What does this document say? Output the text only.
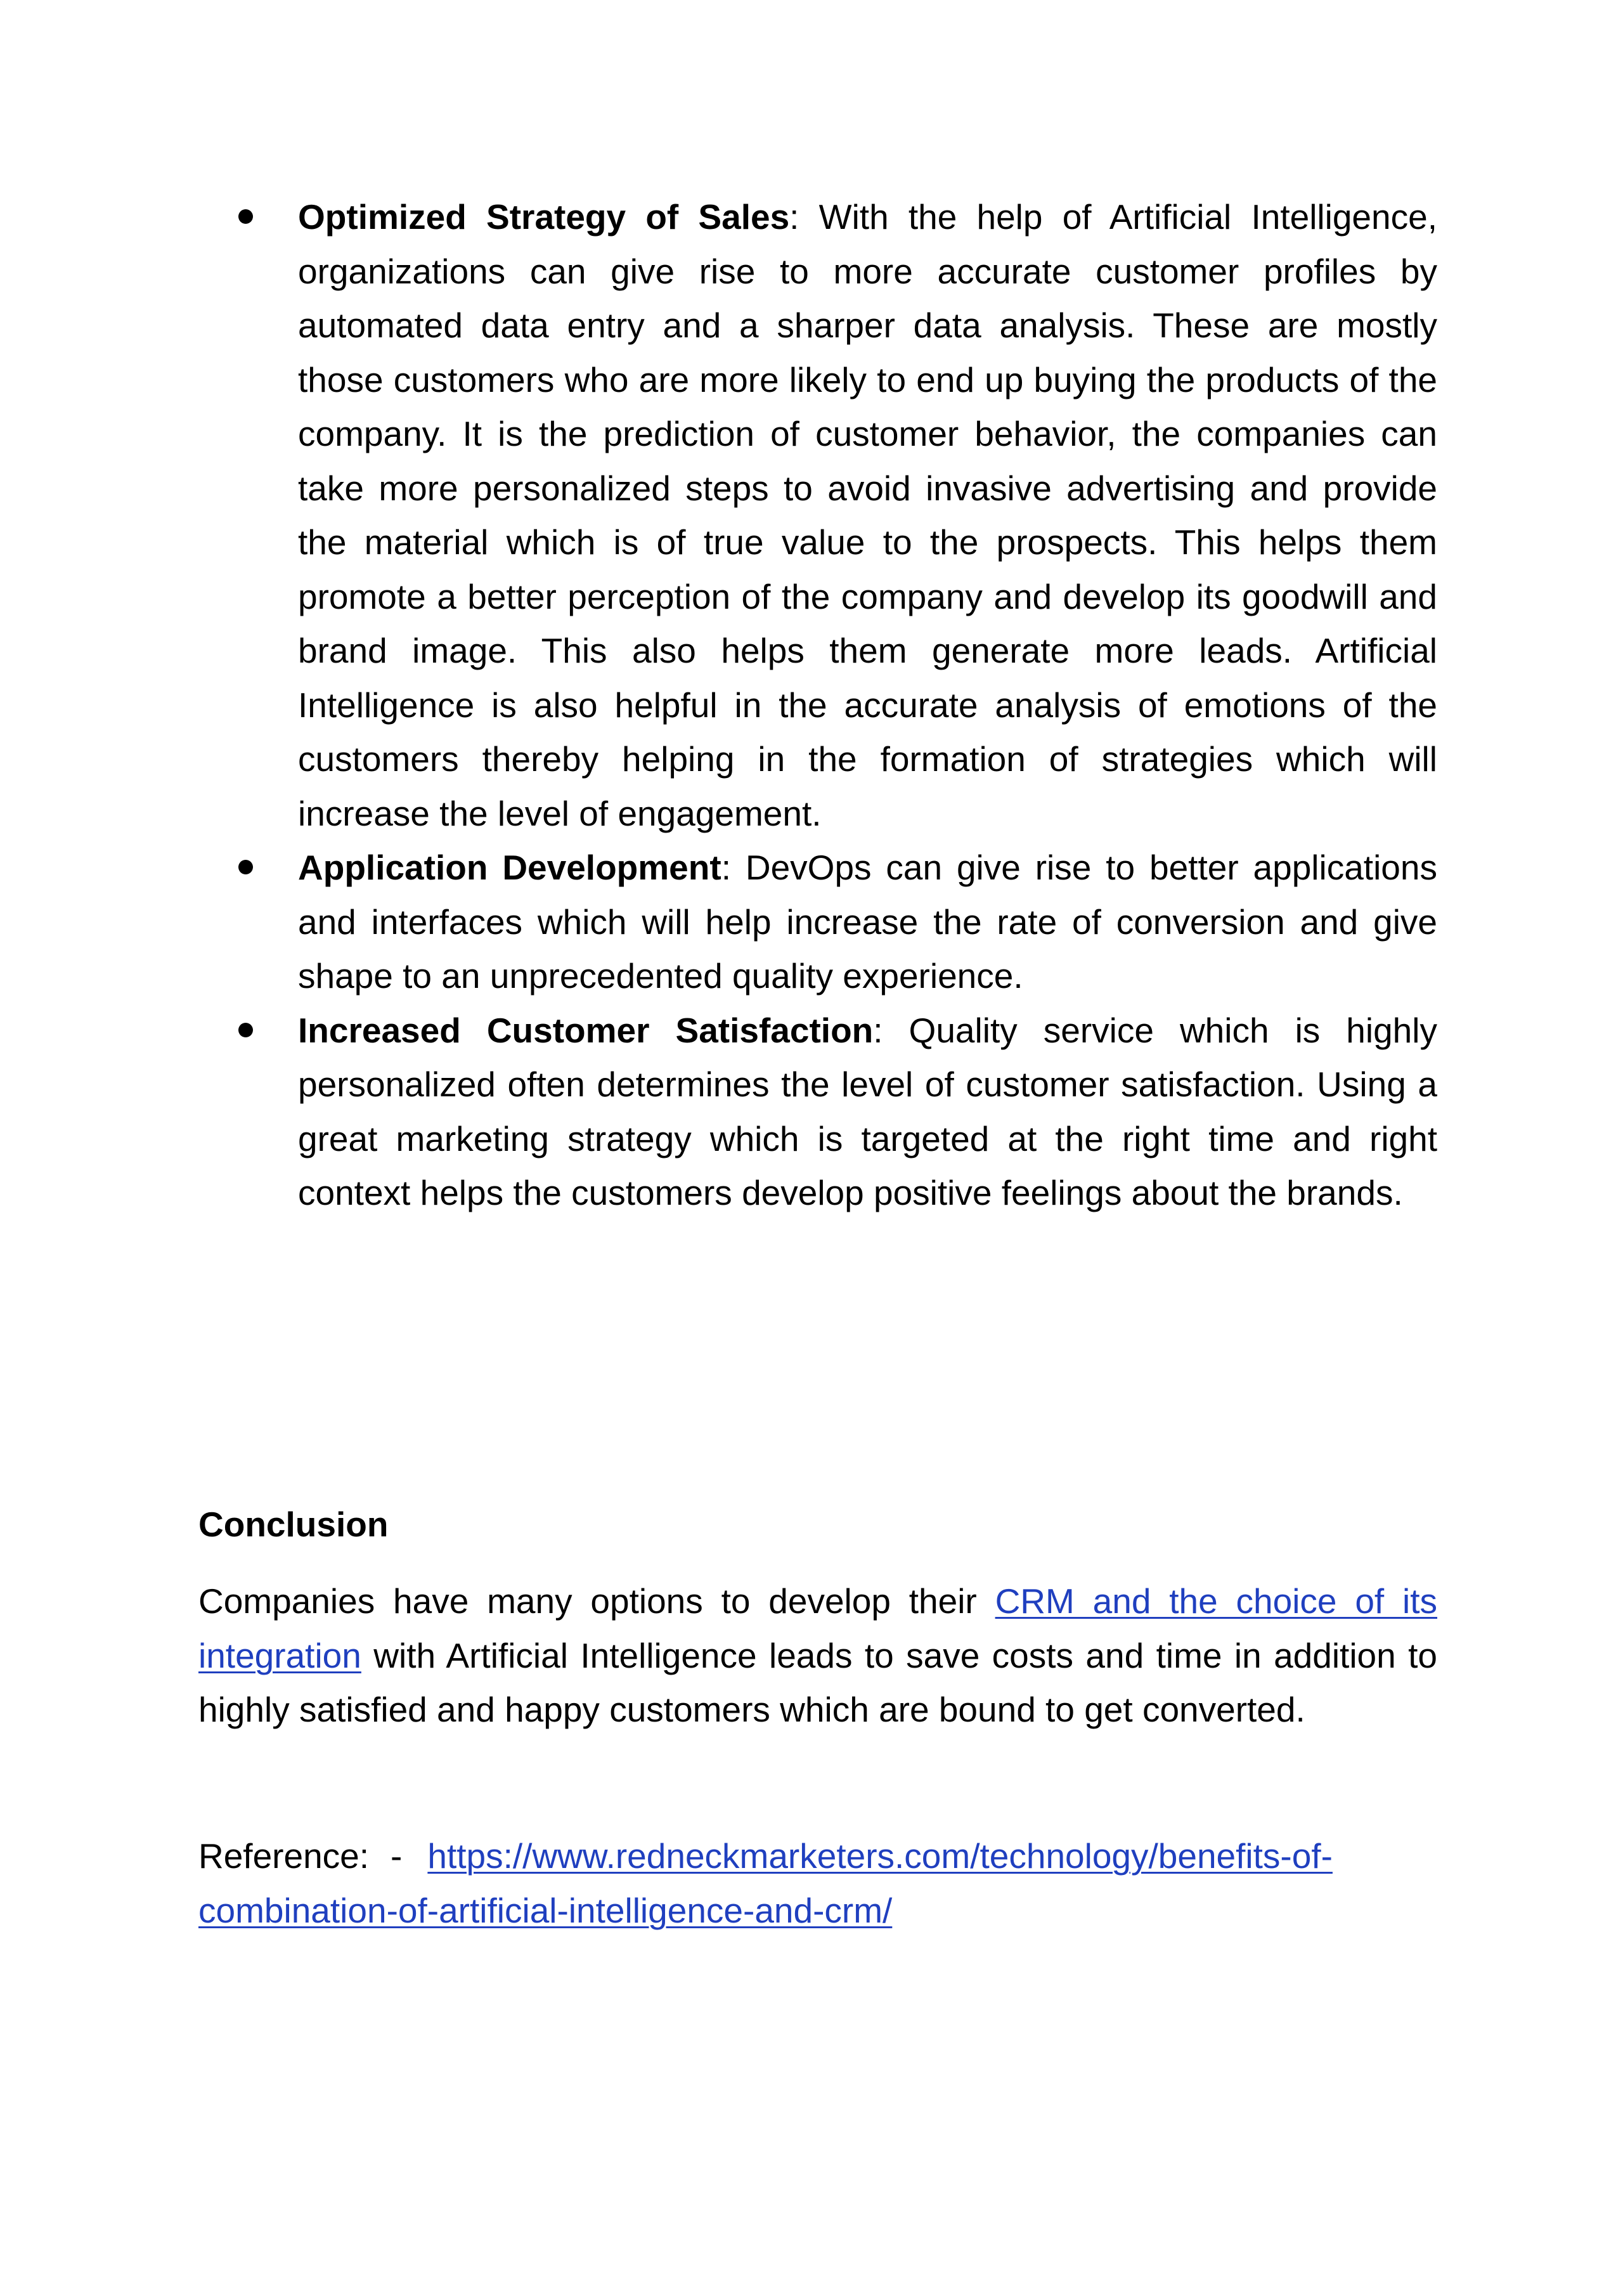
Optimized Strategy of Sales: With the help of Artificial Intelligence, organizations can give rise to more accurate customer profiles by automated data entry and a sharper data analysis. These are mostly those customers who are more likely to end up buying the products of the company. It is the prediction of customer behavior, the companies can take more personalized steps to avoid invasive advertising and provide the material which is of true value to the prospects. This helps them promote a better perception of the company and develop its goodwill and brand image. This also helps them generate more leads. Artificial Intelligence is also helpful in the accurate analysis of emotions of the customers thereby helping in the formation of strategies which will increase the level of engagement.
Application Development: DevOps can give rise to better applications and interfaces which will help increase the rate of conversion and give shape to an unprecedented quality experience.
Increased Customer Satisfaction: Quality service which is highly personalized often determines the level of customer satisfaction. Using a great marketing strategy which is targeted at the right time and right context helps the customers develop positive feelings about the brands.
Conclusion

Companies have many options to develop their CRM and the choice of its integration with Artificial Intelligence leads to save costs and time in addition to highly satisfied and happy customers which are bound to get converted.

Reference: - https://www.redneckmarketers.com/technology/benefits-of-combination-of-artificial-intelligence-and-crm/
